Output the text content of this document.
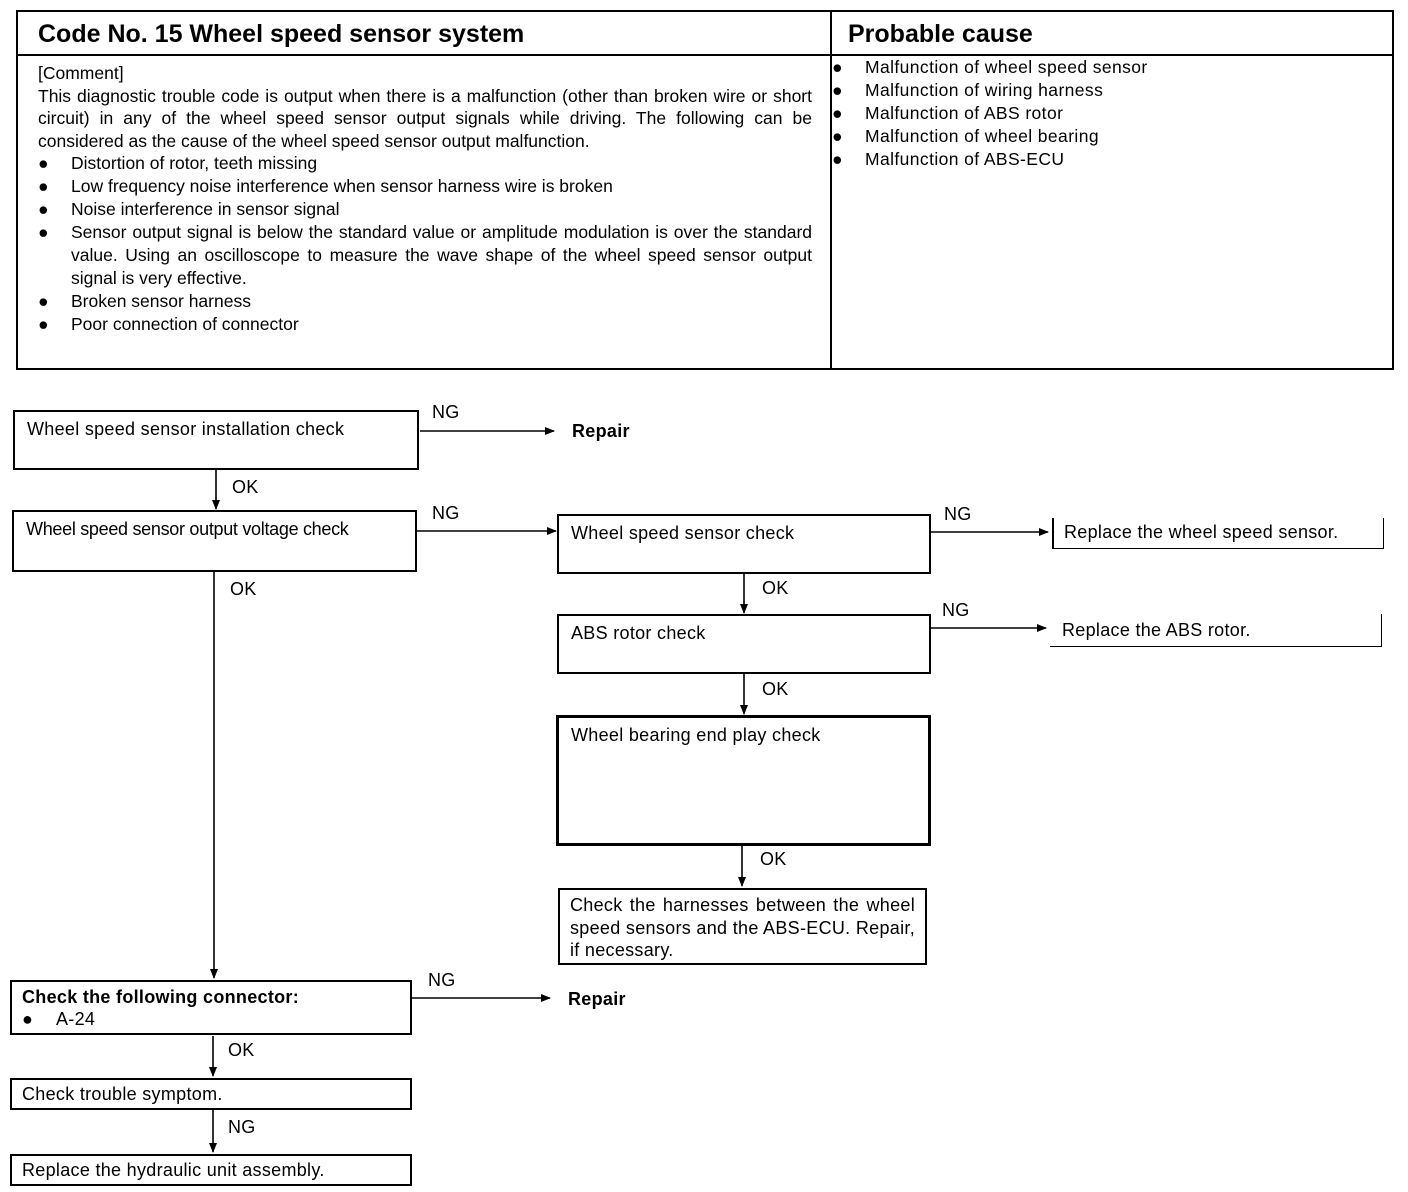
Code No. 15 Wheel speed sensor system

[Comment]

This diagnostic trouble code is output when there is a malfunction (other than broken wire or short circuit) in any of the wheel speed sensor output signals while driving. The following can be considered as the cause of the wheel speed sensor output malfunction.

● Distortion of rotor, teeth missing
● Low frequency noise interference when sensor harness wire is broken
● Noise interference in sensor signal
● Sensor output signal is below the standard value or amplitude modulation is over the standard value. Using an oscilloscope to measure the wave shape of the wheel speed sensor output signal is very effective.
● Broken sensor harness
● Poor connection of connector
Probable cause
● Malfunction of wheel speed sensor
● Malfunction of wiring harness
● Malfunction of ABS rotor
● Malfunction of wheel bearing
● Malfunction of ABS-ECU
Wheel speed sensor installation check
NG
Repair
OK
Wheel speed sensor output voltage check
NG
OK
Wheel speed sensor check
NG
Replace the wheel speed sensor.
OK
ABS rotor check
NG
Replace the ABS rotor.
OK
Wheel bearing end play check
OK
Check the harnesses between the wheel speed sensors and the ABS-ECU. Repair, if necessary.
Check the following connector:
● A-24
NG
Repair
OK
Check trouble symptom.
NG
Replace the hydraulic unit assembly.
